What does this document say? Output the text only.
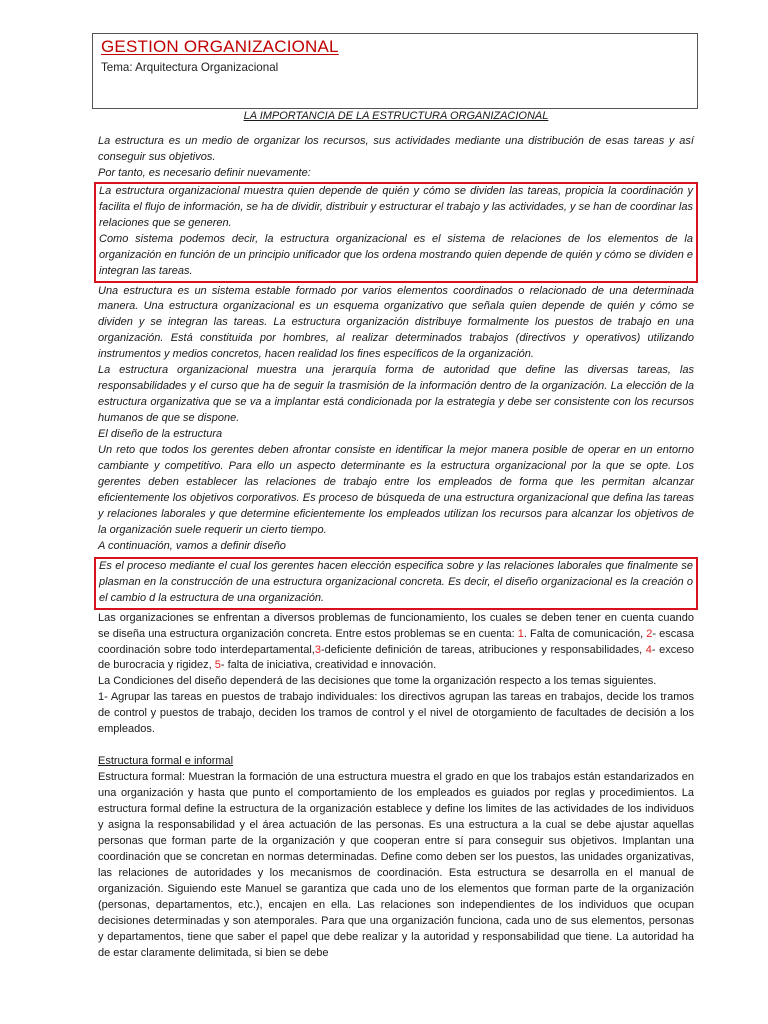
GESTION ORGANIZACIONAL
Tema: Arquitectura Organizacional

LA IMPORTANCIA DE LA ESTRUCTURA ORGANIZACIONAL

La estructura es un medio de organizar los recursos, sus actividades mediante una distribución de esas tareas y así conseguir sus objetivos.

Por tanto, es necesario definir nuevamente:

La estructura organizacional muestra quien depende de quién y cómo se dividen las tareas, propicia la coordinación y facilita el flujo de información, se ha de dividir, distribuir y estructurar el trabajo y las actividades, y se han de coordinar las relaciones que se generen.

Como sistema podemos decir, la estructura organizacional es el sistema de relaciones de los elementos de la organización en función de un principio unificador que los ordena mostrando quien depende de quién y cómo se dividen e integran las tareas.

Una estructura es un sistema estable formado por varios elementos coordinados o relacionado de una determinada manera. Una estructura organizacional es un esquema organizativo que señala quien depende de quién y cómo se dividen y se integran las tareas. La estructura organización distribuye formalmente los puestos de trabajo en una organización. Está constituida por hombres, al realizar determinados trabajos (directivos y operativos) utilizando instrumentos y medios concretos, hacen realidad los fines específicos de la organización.

La estructura organizacional muestra una jerarquía forma de autoridad que define las diversas tareas, las responsabilidades y el curso que ha de seguir la trasmisión de la información dentro de la organización. La elección de la estructura organizativa que se va a implantar está condicionada por la estrategia y debe ser consistente con los recursos humanos de que se dispone.

El diseño de la estructura

Un reto que todos los gerentes deben afrontar consiste en identificar la mejor manera posible de operar en un entorno cambiante y competitivo. Para ello un aspecto determinante es la estructura organizacional por la que se opte. Los gerentes deben establecer las relaciones de trabajo entre los empleados de forma que les permitan alcanzar eficientemente los objetivos corporativos. Es proceso de búsqueda de una estructura organizacional que defina las tareas y relaciones laborales y que determine eficientemente los empleados utilizan los recursos para alcanzar los objetivos de la organización suele requerir un cierto tiempo.

A continuación, vamos a definir diseño

Es el proceso mediante el cual los gerentes hacen elección especifica sobre y las relaciones laborales que finalmente se plasman en la construcción de una estructura organizacional concreta. Es decir, el diseño organizacional es la creación o el cambio d la estructura de una organización.

Las organizaciones se enfrentan a diversos problemas de funcionamiento, los cuales se deben tener en cuenta cuando se diseña una estructura organización concreta. Entre estos problemas se en cuenta: 1. Falta de comunicación, 2- escasa coordinación sobre todo interdepartamental,3-deficiente definición de tareas, atribuciones y responsabilidades, 4- exceso de burocracia y rigidez, 5- falta de iniciativa, creatividad e innovación.

La Condiciones del diseño dependerá de las decisiones que tome la organización respecto a los temas siguientes.

1- Agrupar las tareas en puestos de trabajo individuales: los directivos agrupan las tareas en trabajos, decide los tramos de control y puestos de trabajo, deciden los tramos de control y el nivel de otorgamiento de facultades de decisión a los empleados.

Estructura formal e informal

Estructura formal: Muestran la formación de una estructura muestra el grado en que los trabajos están estandarizados en una organización y hasta que punto el comportamiento de los empleados es guiados por reglas y procedimientos. La estructura formal define la estructura de la organización establece y define los limites de las actividades de los individuos y asigna la responsabilidad y el área actuación de las personas. Es una estructura a la cual se debe ajustar aquellas personas que forman parte de la organización y que cooperan entre sí para conseguir sus objetivos. Implantan una coordinación que se concretan en normas determinadas. Define como deben ser los puestos, las unidades organizativas, las relaciones de autoridades y los mecanismos de coordinación. Esta estructura se desarrolla en el manual de organización. Siguiendo este Manuel se garantiza que cada uno de los elementos que forman parte de la organización (personas, departamentos, etc.), encajen en ella. Las relaciones son independientes de los individuos que ocupan decisiones determinadas y son atemporales. Para que una organización funciona, cada uno de sus elementos, personas y departamentos, tiene que saber el papel que debe realizar y la autoridad y responsabilidad que tiene. La autoridad ha de estar claramente delimitada, si bien se debe
